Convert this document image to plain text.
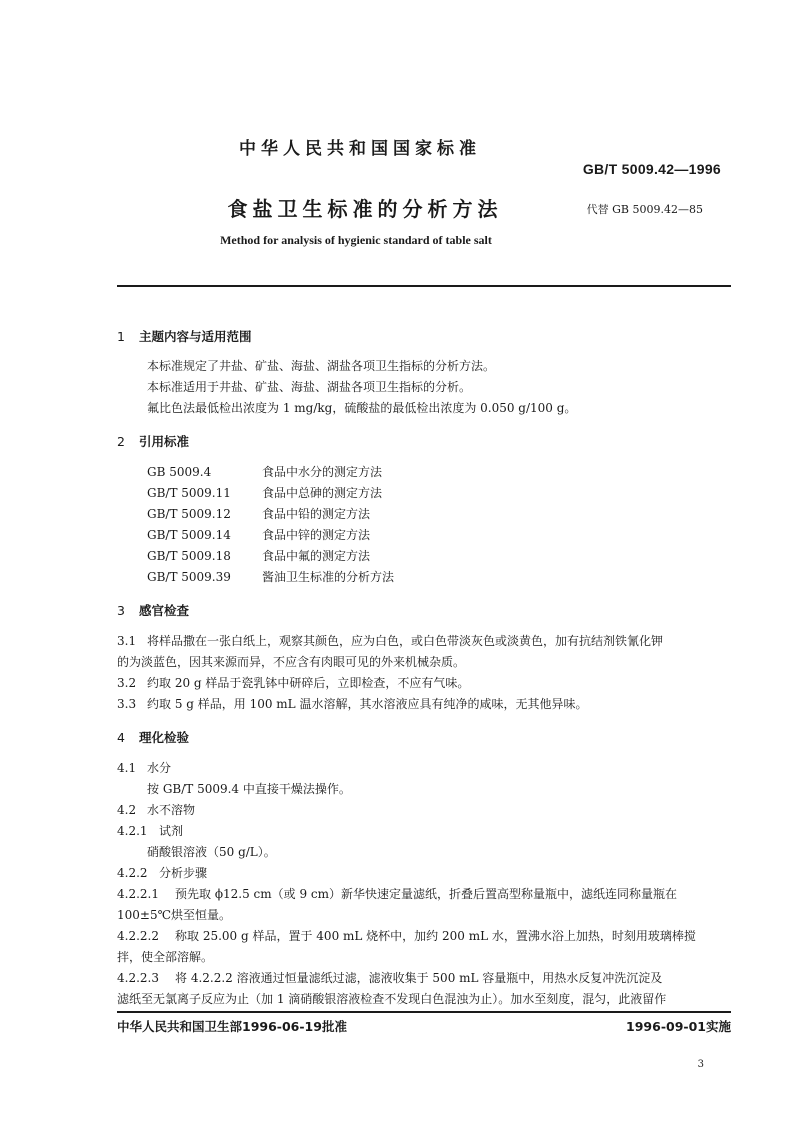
中华人民共和国国家标准
GB/T 5009.42—1996
食盐卫生标准的分析方法	代替 GB 5009.42—85
Method for analysis of hygienic standard of table salt
1 主题内容与适用范围
本标准规定了井盐、矿盐、海盐、湖盐各项卫生指标的分析方法。
本标准适用于井盐、矿盐、海盐、湖盐各项卫生指标的分析。
氟比色法最低检出浓度为 1 mg/kg，硫酸盐的最低检出浓度为 0.050 g/100 g。
2 引用标准
GB 5009.4	食品中水分的测定方法
GB/T 5009.11	食品中总砷的测定方法
GB/T 5009.12	食品中铅的测定方法
GB/T 5009.14	食品中锌的测定方法
GB/T 5009.18	食品中氟的测定方法
GB/T 5009.39	酱油卫生标准的分析方法
3 感官检查
3.1 将样品撒在一张白纸上，观察其颜色，应为白色，或白色带淡灰色或淡黄色，加有抗结剂铁氰化钾
的为淡蓝色，因其来源而异，不应含有肉眼可见的外来机械杂质。
3.2 约取 20 g 样品于瓷乳钵中研碎后，立即检查，不应有气味。
3.3 约取 5 g 样品，用 100 mL 温水溶解，其水溶液应具有纯净的咸味，无其他异味。
4 理化检验
4.1 水分
按 GB/T 5009.4 中直接干燥法操作。
4.2 水不溶物
4.2.1 试剂
硝酸银溶液（50 g/L）。
4.2.2 分析步骤
4.2.2.1 预先取 ϕ12.5 cm（或 9 cm）新华快速定量滤纸，折叠后置高型称量瓶中，滤纸连同称量瓶在
100±5℃烘至恒量。
4.2.2.2 称取 25.00 g 样品，置于 400 mL 烧杯中，加约 200 mL 水，置沸水浴上加热，时刻用玻璃棒搅
拌，使全部溶解。
4.2.2.3 将 4.2.2.2 溶液通过恒量滤纸过滤，滤液收集于 500 mL 容量瓶中，用热水反复冲洗沉淀及
滤纸至无氯离子反应为止（加 1 滴硝酸银溶液检查不发现白色混浊为止）。加水至刻度，混匀，此液留作
中华人民共和国卫生部1996-06-19批准	1996-09-01实施
3
